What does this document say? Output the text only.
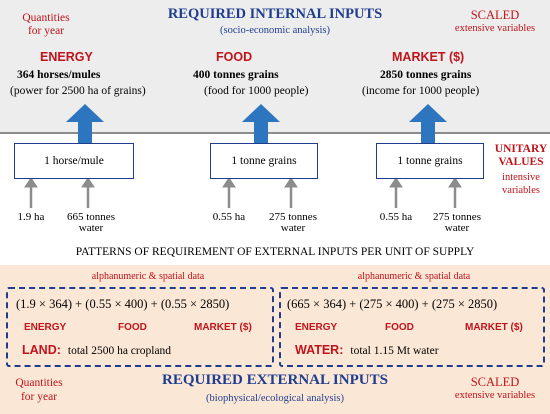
REQUIRED INTERNAL INPUTS
(socio-economic analysis)
Quantities
for year
SCALED
extensive variables
ENERGY	FOOD	MARKET ($)
364 horses/mules
(power for 2500 ha of grains)
400 tonnes grains
(food for 1000 people)
2850 tonnes grains
(income for 1000 people)
1 horse/mule	1 tonne grains	1 tonne grains
UNITARY
VALUES
intensive
variables
1.9 ha	665 tonnes
water
0.55 ha	275 tonnes
water
0.55 ha	275 tonnes
water
PATTERNS OF REQUIREMENT OF EXTERNAL INPUTS PER UNIT OF SUPPLY
alphanumeric & spatial data	alphanumeric & spatial data
(1.9 × 364) + (0.55 × 400) + (0.55 × 2850)
ENERGY	FOOD	MARKET ($)
LAND: total 2500 ha cropland
(665 × 364) + (275 × 400) + (275 × 2850)
ENERGY	FOOD	MARKET ($)
WATER: total 1.15 Mt water
Quantities
for year
REQUIRED EXTERNAL INPUTS
(biophysical/ecological analysis)
SCALED
extensive variables
